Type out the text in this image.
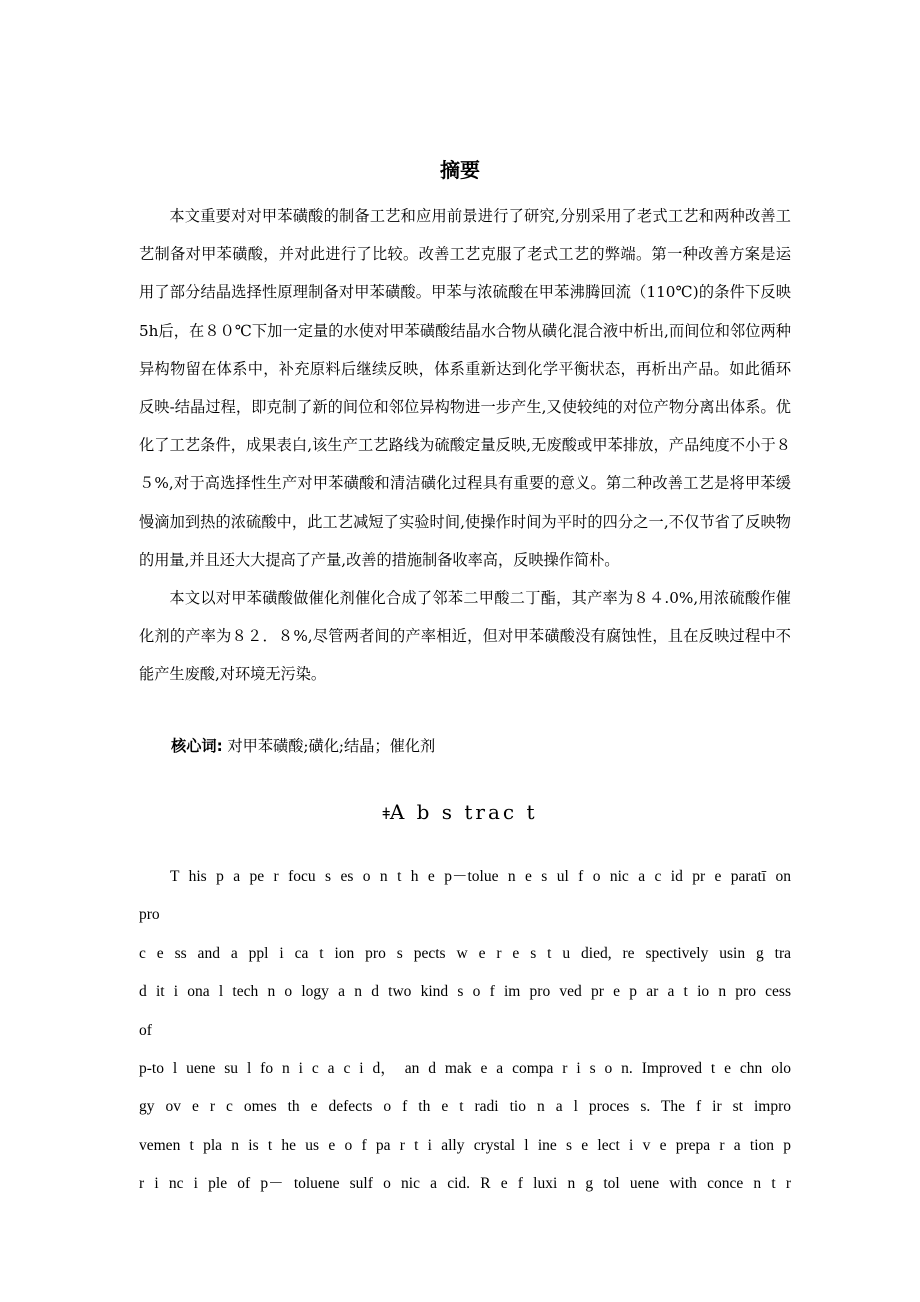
摘要

本文重要对对甲苯磺酸的制备工艺和应用前景进行了研究,分别采用了老式工艺和两种改善工艺制备对甲苯磺酸，并对此进行了比较。改善工艺克服了老式工艺的弊端。第一种改善方案是运用了部分结晶选择性原理制备对甲苯磺酸。甲苯与浓硫酸在甲苯沸腾回流（110℃)的条件下反映5h后，在８０℃下加一定量的水使对甲苯磺酸结晶水合物从磺化混合液中析出,而间位和邻位两种异构物留在体系中，补充原料后继续反映，体系重新达到化学平衡状态，再析出产品。如此循环反映-结晶过程，即克制了新的间位和邻位异构物进一步产生,又使较纯的对位产物分离出体系。优化了工艺条件，成果表白,该生产工艺路线为硫酸定量反映,无废酸或甲苯排放，产品纯度不小于８５%,对于高选择性生产对甲苯磺酸和清洁磺化过程具有重要的意义。第二种改善工艺是将甲苯缓慢滴加到热的浓硫酸中，此工艺减短了实验时间,使操作时间为平时的四分之一,不仅节省了反映物的用量,并且还大大提高了产量,改善的措施制备收率高，反映操作简朴。

本文以对甲苯磺酸做催化剂催化合成了邻苯二甲酸二丁酯，其产率为８４.0%,用浓硫酸作催化剂的产率为８２．８%,尽管两者间的产率相近，但对甲苯磺酸没有腐蚀性，且在反映过程中不能产生废酸,对环境无污染。

核心词: 对甲苯磺酸;磺化;结晶；催化剂
ǂA b s trac t

T his p a pe r focu s es o n t h e p－tolue n e s ul f o nic a c id pr e paratī on pro

c e ss and a ppl i ca t ion pro s pects w e r e s t u died, re spectively usin g tra

d it i ona l tech n o logy a n d two kind s o f im pro ved pr e p ar a t io n pro cess of

p-to l uene su l fo n i c a c i d， an d mak e a compa r i s o n. Improved t e chn olo

gy ov e r c omes th e defects o f th e t radi tio n a l proces s. The f ir st impro

vemen t pla n is t he us e o f pa r t i ally crystal l ine s e lect i v e prepa r a tion p

r i nc i ple of p－ toluene sulf o nic a cid. R e f luxi n g tol uene with conce n t r
